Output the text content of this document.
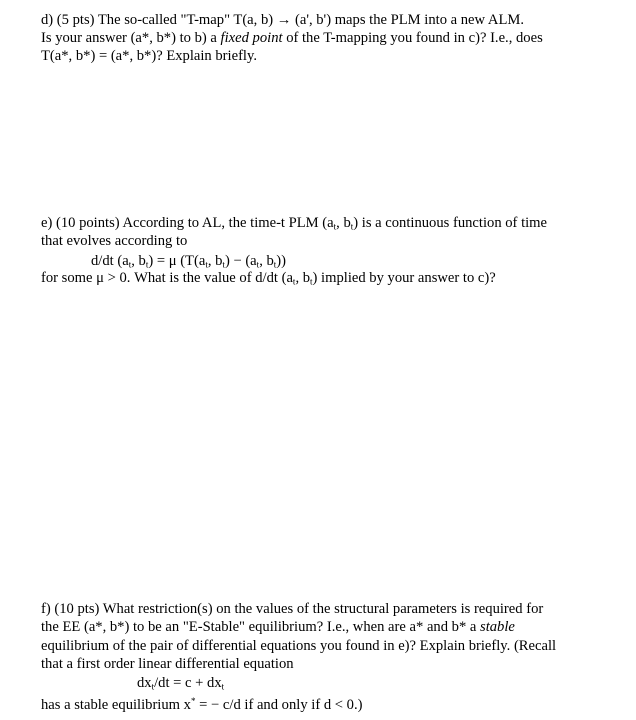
d) (5 pts) The so-called "T-map" T(a, b) → (a', b') maps the PLM into a new ALM.
Is your answer (a*, b*) to b) a fixed point of the T-mapping you found in c)? I.e., does
T(a*, b*) = (a*, b*)? Explain briefly.
e) (10 points) According to AL, the time-t PLM ($a_t$, $b_t$) is a continuous function of time
that evolves according to
d/dt ($a_t$, $b_t) = \mu$ ($T(a_t$, $b_t) - (a_t$, $b_t$))
for some μ > 0. What is the value of d/dt ($a_t$, $b_t$) implied by your answer to c)?
f) (10 pts) What restriction(s) on the values of the structural parameters is required for
the EE (a*, b*) to be an "E-Stable" equilibrium? I.e., when are a* and b* a stable
equilibrium of the pair of differential equations you found in e)? Explain briefly. (Recall
that a first order linear differential equation
$dx_t/dt = c + dx_t$
has a stable equilibrium x* = − c/d if and only if d < 0.)
